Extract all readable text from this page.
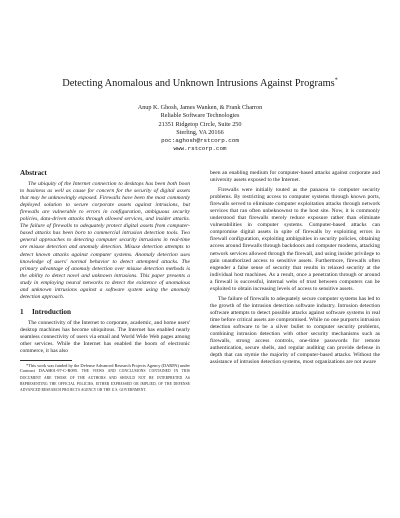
Detecting Anomalous and Unknown Intrusions Against Programs*
Anup K. Ghosh, James Wanken, & Frank Charron
Reliable Software Technologies
21351 Ridgetop Circle, Suite 250
Sterling, VA 20166
poc:aghosh@rstcorp.com
www.rstcorp.com
Abstract

The ubiquity of the Internet connection to desktops has been both boon to business as well as cause for concern for the security of digital assets that may be unknowingly exposed. Firewalls have been the most commonly deployed solution to secure corporate assets against intrusions, but firewalls are vulnerable to errors in configuration, ambiguous security policies, data-driven attacks through allowed services, and insider attacks. The failure of firewalls to adequately protect digital assets from computer-based attacks has been born to commercial intrusion detection tools. Two general approaches to detecting computer security intrusions in real-time are misuse detection and anomaly detection. Misuse detection attempts to detect known attacks against computer systems. Anomaly detection uses knowledge of users' normal behavior to detect attempted attacks. The primary advantage of anomaly detection over misuse detection methods is the ability to detect novel and unknown intrusions. This paper presents a study in employing neural networks to detect the existence of anomalous and unknown intrusions against a software system using the anomaly detection approach.

1 Introduction

The connectivity of the Internet to corporate, academic, and home users' desktop machines has become ubiquitous. The Internet has enabled nearly seamless connectivity of users via email and World Wide Web pages among other services. While the Internet has enabled the boom of electronic commerce, it has also

*This work was funded by the Defense Advanced Research Projects Agency (DARPA) under Contract DAAH01-97-C-R095. THE VIEWS AND CONCLUSIONS CONTAINED IN THIS DOCUMENT ARE THOSE OF THE AUTHORS AND SHOULD NOT BE INTERPRETED AS REPRESENTING THE OFFICIAL POLICIES, EITHER EXPRESSED OR IMPLIED, OF THE DEFENSE ADVANCED RESEARCH PROJECTS AGENCY OR THE U.S. GOVERNMENT.

been an enabling medium for computer-based attacks against corporate and university assets exposed to the Internet.

Firewalls were initially touted as the panacea to computer security problems. By restricting access to computer systems through known ports, firewalls served to eliminate computer exploitation attacks through network services that ran often unbeknownst to the host site. Now, it is commonly understood that firewalls merely reduce exposure rather than eliminate vulnerabilities in computer systems. Computer-based attacks can compromise digital assets in spite of firewalls by exploiting errors in firewall configuration, exploiting ambiguities in security policies, obtaining access around firewalls through backdoors and computer modems, attacking network services allowed through the firewall, and using insider privilege to gain unauthorized access to sensitive assets. Furthermore, firewalls often engender a false sense of security that results in relaxed security at the individual host machines. As a result, once a penetration through or around a firewall is successful, internal webs of trust between computers can be exploited to obtain increasing levels of access to sensitive assets.

The failure of firewalls to adequately secure computer systems has led to the growth of the intrusion detection software industry. Intrusion detection software attempts to detect possible attacks against software systems in real time before critical assets are compromised. While no one purports intrusion detection software to be a silver bullet to computer security problems, combining intrusion detection with other security mechanisms such as firewalls, strong access controls, one-time passwords for remote authentication, secure shells, and regular auditing can provide defense in depth that can stymie the majority of computer-based attacks. Without the assistance of intrusion detection systems, most organizations are not aware
